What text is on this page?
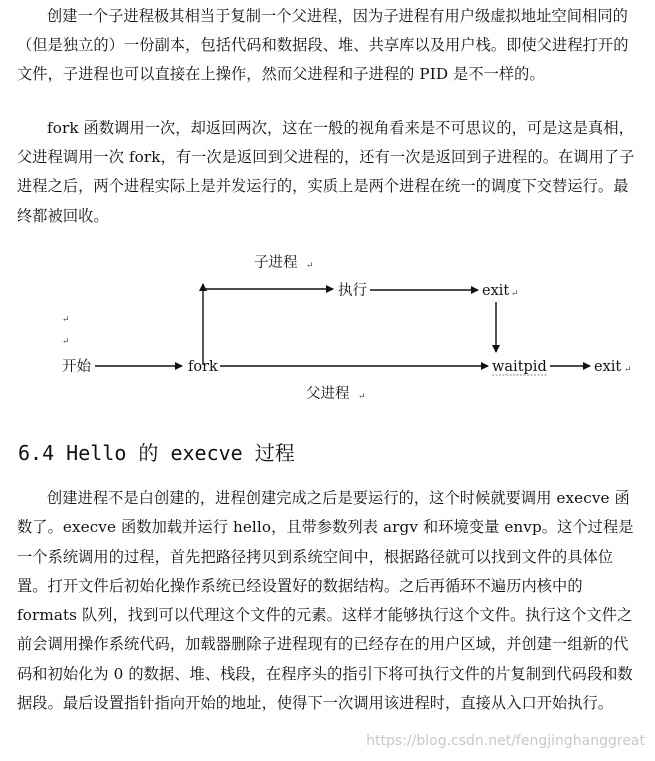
创建一个子进程极其相当于复制一个父进程，因为子进程有用户级虚拟地址空间相同的（但是独立的）一份副本，包括代码和数据段、堆、共享库以及用户栈。即使父进程打开的文件，子进程也可以直接在上操作，然而父进程和子进程的 PID 是不一样的。

fork 函数调用一次，却返回两次，这在一般的视角看来是不可思议的，可是这是真相，父进程调用一次 fork，有一次是返回到父进程的，还有一次是返回到子进程的。在调用了子进程之后，两个进程实际上是并发运行的，实质上是两个进程在统一的调度下交替运行。最终都被回收。

子进程 ↵
执行	exit ↵
↵
↵
开始	fork	waitpid	exit ↵
父进程 ↵
6.4 Hello 的 execve 过程

创建进程不是白创建的，进程创建完成之后是要运行的，这个时候就要调用 execve 函数了。execve 函数加载并运行 hello，且带参数列表 argv 和环境变量 envp。这个过程是一个系统调用的过程，首先把路径拷贝到系统空间中，根据路径就可以找到文件的具体位置。打开文件后初始化操作系统已经设置好的数据结构。之后再循环不遍历内核中的 formats 队列，找到可以代理这个文件的元素。这样才能够执行这个文件。执行这个文件之前会调用操作系统代码，加载器删除子进程现有的已经存在的用户区域，并创建一组新的代码和初始化为 0 的数据、堆、栈段，在程序头的指引下将可执行文件的片复制到代码段和数据段。最后设置指针指向开始的地址，使得下一次调用该进程时，直接从入口开始执行。

https://blog.csdn.net/fengjinghanggreat
